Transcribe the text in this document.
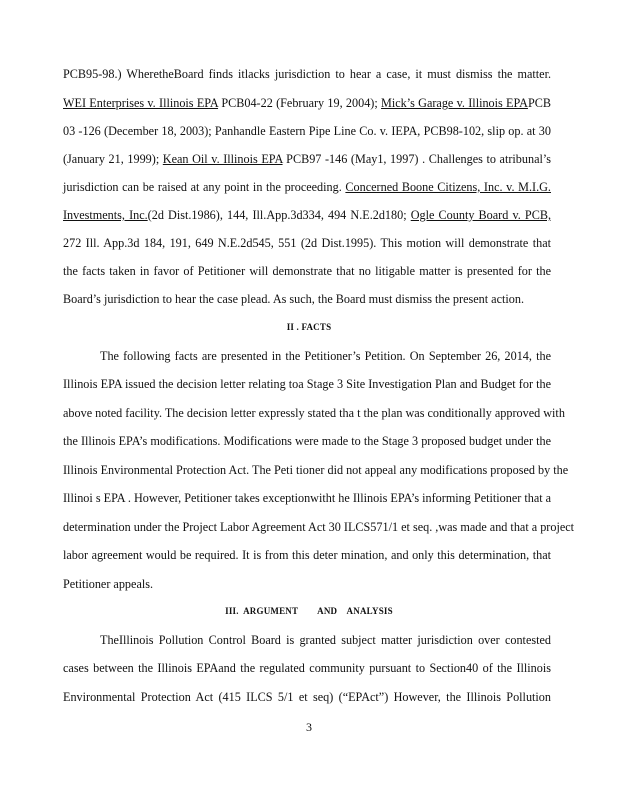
PCB95-98.) WheretheBoard finds itlacks jurisdiction to hear a case, it must dismiss the matter.
WEI Enterprises v. Illinois EPA PCB04-22 (February 19, 2004); Mick’s Garage v. Illinois EPAPCB
03 -126 (December 18, 2003); Panhandle Eastern Pipe Line Co. v. IEPA, PCB98-102, slip op. at 30
(January 21, 1999); Kean Oil v. Illinois EPA PCB97 -146 (May1, 1997) . Challenges to atribunal’s
jurisdiction can be raised at any point in the proceeding. Concerned Boone Citizens, Inc. v. M.I.G.
Investments, Inc.(2d Dist.1986), 144, Ill.App.3d334, 494 N.E.2d180; Ogle County Board v. PCB,
272 Ill. App.3d 184, 191, 649 N.E.2d545, 551 (2d Dist.1995). This motion will demonstrate that
the facts taken in favor of Petitioner will demonstrate that no litigable matter is presented for the
Board’s jurisdiction to hear the case plead. As such, the Board must dismiss the present action.
II . FACTS
The following facts are presented in the Petitioner’s Petition. On September 26, 2014, the
Illinois EPA issued the decision letter relating toa Stage 3 Site Investigation Plan and Budget for the
above noted facility. The decision letter expressly stated tha t the plan was conditionally approved with
the Illinois EPA’s modifications. Modifications were made to the Stage 3 proposed budget under the
Illinois Environmental Protection Act. The Peti tioner did not appeal any modifications proposed by the
Illinoi s EPA . However, Petitioner takes exceptionwitht he Illinois EPA’s informing Petitioner that a
determination under the Project Labor Agreement Act 30 ILCS571/1 et seq. ,was made and that a project
labor agreement would be required. It is from this deter mination, and only this determination, that
Petitioner appeals.
III.  ARGUMENT        AND    ANALYSIS
TheIllinois Pollution Control Board is granted subject matter jurisdiction over contested
cases between the Illinois EPAand the regulated community pursuant to Section40 of the Illinois
Environmental Protection Act (415 ILCS 5/1 et seq) (“EPAct”) However, the Illinois Pollution
3
